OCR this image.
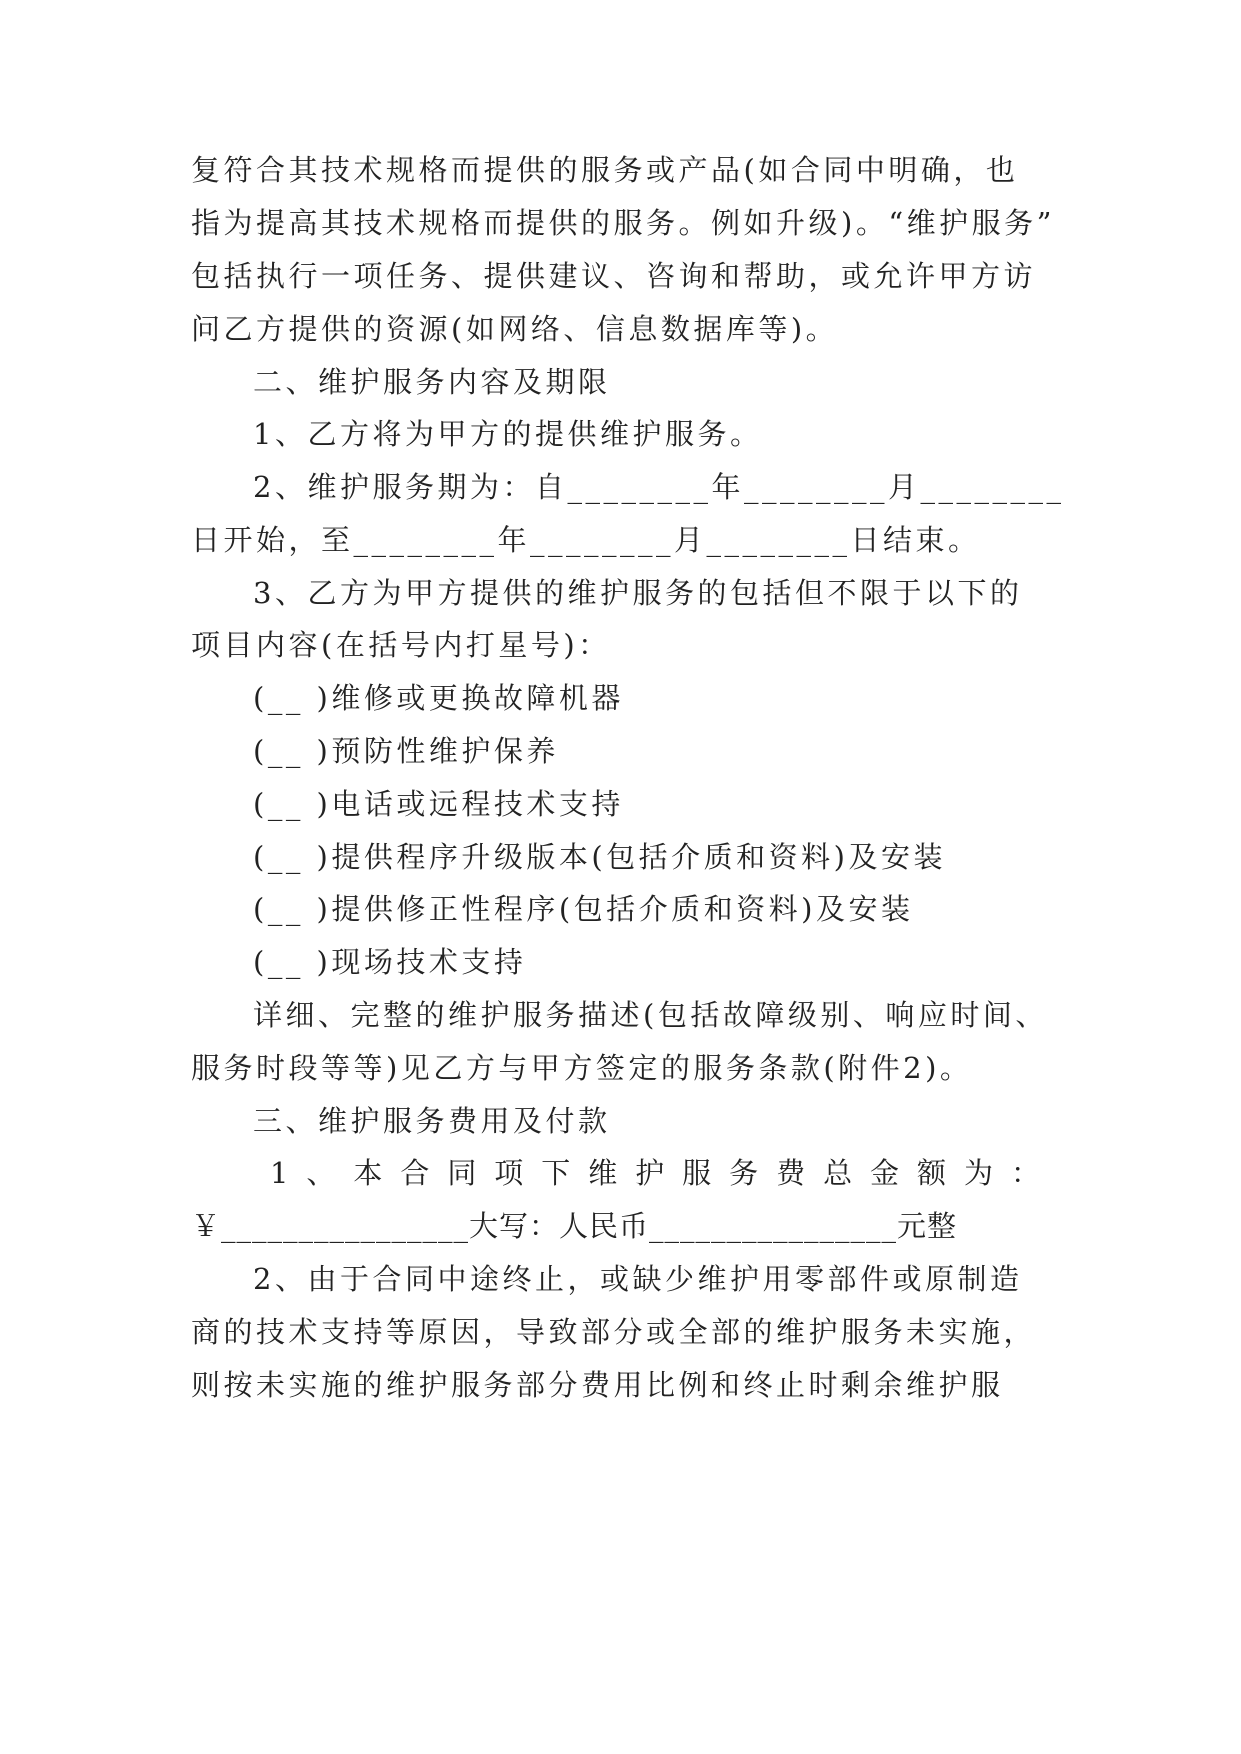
复符合其技术规格而提供的服务或产品(如合同中明确，也
指为提高其技术规格而提供的服务。例如升级)。“维护服务”
包括执行一项任务、提供建议、咨询和帮助，或允许甲方访
问乙方提供的资源(如网络、信息数据库等)。
二、维护服务内容及期限
1、乙方将为甲方的提供维护服务。
2、维护服务期为：自________年________月________
日开始，至________年________月________日结束。
3、乙方为甲方提供的维护服务的包括但不限于以下的
项目内容(在括号内打星号)：
(__ )维修或更换故障机器
(__ )预防性维护保养
(__ )电话或远程技术支持
(__ )提供程序升级版本(包括介质和资料)及安装
(__ )提供修正性程序(包括介质和资料)及安装
(__ )现场技术支持
详细、完整的维护服务描述(包括故障级别、响应时间、
服务时段等等)见乙方与甲方签定的服务条款(附件2)。
三、维护服务费用及付款
1 、 本 合 同 项 下 维 护 服 务 费 总 金 额 为 ：
￥________________大写：人民币________________元整
2、由于合同中途终止，或缺少维护用零部件或原制造
商的技术支持等原因，导致部分或全部的维护服务未实施，
则按未实施的维护服务部分费用比例和终止时剩余维护服
